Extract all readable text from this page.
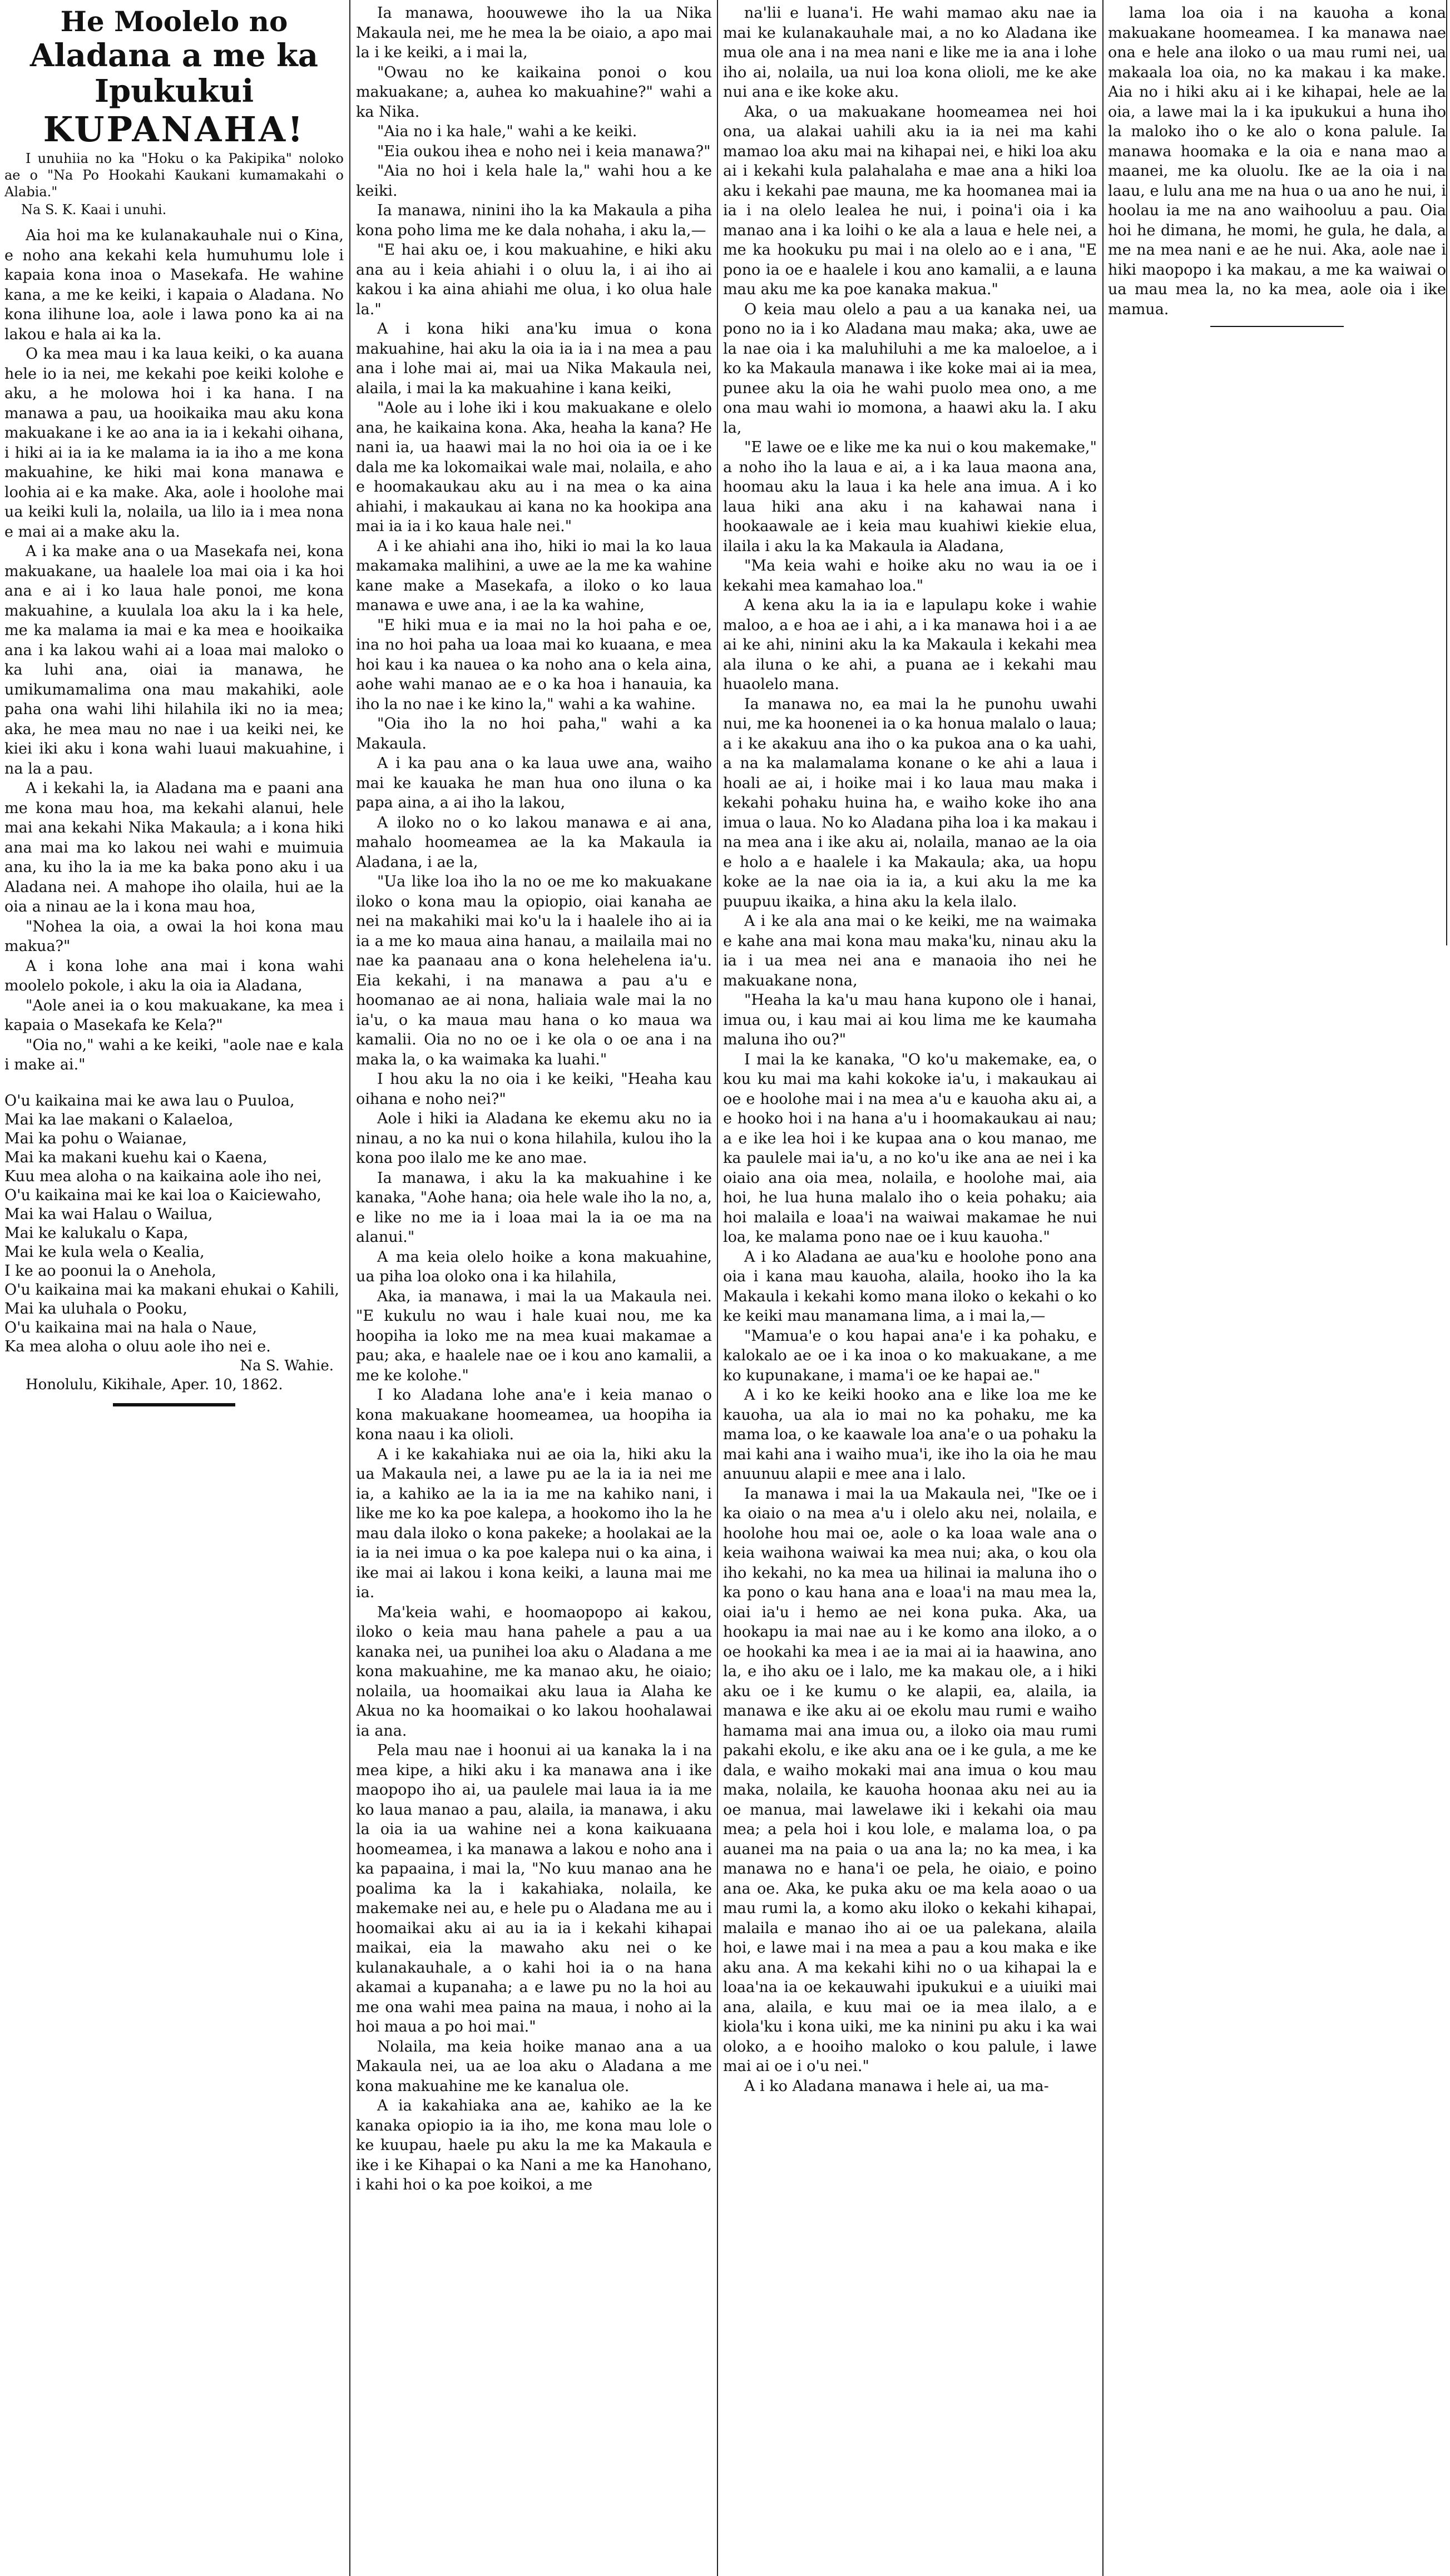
He Moolelo no
Aladana a me ka Ipukukui
KUPANAHA!

I unuhiia no ka "Hoku o ka Pakipika" noloko ae o "Na Po Hookahi Kaukani kumamakahi o Alabia."

Na S. K. Kaai i unuhi.

Aia hoi ma ke kulanakauhale nui o Kina, e noho ana kekahi kela humuhumu lole i kapaia kona inoa o Masekafa. He wahine kana, a me ke keiki, i kapaia o Aladana. No kona ilihune loa, aole i lawa pono ka ai na lakou e hala ai ka la.

O ka mea mau i ka laua keiki, o ka auana hele io ia nei, me kekahi poe keiki kolohe e aku, a he molowa hoi i ka hana. I na manawa a pau, ua hooikaika mau aku kona makuakane i ke ao ana ia ia i kekahi oihana, i hiki ai ia ia ke malama ia ia iho a me kona makuahine, ke hiki mai kona manawa e loohia ai e ka make. Aka, aole i hoolohe mai ua keiki kuli la, nolaila, ua lilo ia i mea nona e mai ai a make aku la.

A i ka make ana o ua Masekafa nei, kona makuakane, ua haalele loa mai oia i ka hoi ana e ai i ko laua hale ponoi, me kona makuahine, a kuulala loa aku la i ka hele, me ka malama ia mai e ka mea e hooikaika ana i ka lakou wahi ai a loaa mai maloko o ka luhi ana, oiai ia manawa, he umikumamalima ona mau makahiki, aole paha ona wahi lihi hilahila iki no ia mea; aka, he mea mau no nae i ua keiki nei, ke kiei iki aku i kona wahi luaui makuahine, i na la a pau.

A i kekahi la, ia Aladana ma e paani ana me kona mau hoa, ma kekahi alanui, hele mai ana kekahi Nika Makaula; a i kona hiki ana mai ma ko lakou nei wahi e muimuia ana, ku iho la ia me ka baka pono aku i ua Aladana nei. A mahope iho olaila, hui ae la oia a ninau ae la i kona mau hoa,

"Nohea la oia, a owai la hoi kona mau makua?"

A i kona lohe ana mai i kona wahi moolelo pokole, i aku la oia ia Aladana,

"Aole anei ia o kou makuakane, ka mea i kapaia o Masekafa ke Kela?"

"Oia no," wahi a ke keiki, "aole nae e kala i make ai."

O'u kaikaina mai ke awa lau o Puuloa,
Mai ka lae makani o Kalaeloa,
Mai ka pohu o Waianae,
Mai ka makani kuehu kai o Kaena,
Kuu mea aloha o na kaikaina aole iho nei,
O'u kaikaina mai ke kai loa o Kaiciewaho,
Mai ka wai Halau o Wailua,
Mai ke kalukalu o Kapa,
Mai ke kula wela o Kealia,
I ke ao poonui la o Anehola,
O'u kaikaina mai ka makani ehukai o Kahili,
Mai ka uluhala o Pooku,
O'u kaikaina mai na hala o Naue,
Ka mea aloha o oluu aole iho nei e.
Na S. Wahie.
Honolulu, Kikihale, Aper. 10, 1862.

Ia manawa, hoouwewe iho la ua Nika Makaula nei, me he mea la be oiaio, a apo mai la i ke keiki, a i mai la,

"Owau no ke kaikaina ponoi o kou makuakane; a, auhea ko makuahine?" wahi a ka Nika.

"Aia no i ka hale," wahi a ke keiki.

"Eia oukou ihea e noho nei i keia manawa?"

"Aia no hoi i kela hale la," wahi hou a ke keiki.

Ia manawa, ninini iho la ka Makaula a piha kona poho lima me ke dala nohaha, i aku la,—

"E hai aku oe, i kou makuahine, e hiki aku ana au i keia ahiahi i o oluu la, i ai iho ai kakou i ka aina ahiahi me olua, i ko olua hale la."

A i kona hiki ana'ku imua o kona makuahine, hai aku la oia ia ia i na mea a pau ana i lohe mai ai, mai ua Nika Makaula nei, alaila, i mai la ka makuahine i kana keiki,

"Aole au i lohe iki i kou makuakane e olelo ana, he kaikaina kona. Aka, heaha la kana? He nani ia, ua haawi mai la no hoi oia ia oe i ke dala me ka lokomaikai wale mai, nolaila, e aho e hoomakaukau aku au i na mea o ka aina ahiahi, i makaukau ai kana no ka hookipa ana mai ia ia i ko kaua hale nei."

A i ke ahiahi ana iho, hiki io mai la ko laua makamaka malihini, a uwe ae la me ka wahine kane make a Masekafa, a iloko o ko laua manawa e uwe ana, i ae la ka wahine,

"E hiki mua e ia mai no la hoi paha e oe, ina no hoi paha ua loaa mai ko kuaana, e mea hoi kau i ka nauea o ka noho ana o kela aina, aohe wahi manao ae e o ka hoa i hanauia, ka iho la no nae i ke kino la," wahi a ka wahine.

"Oia iho la no hoi paha," wahi a ka Makaula.

A i ka pau ana o ka laua uwe ana, waiho mai ke kauaka he man hua ono iluna o ka papa aina, a ai iho la lakou,

A iloko no o ko lakou manawa e ai ana, mahalo hoomeamea ae la ka Makaula ia Aladana, i ae la,

"Ua like loa iho la no oe me ko makuakane iloko o kona mau la opiopio, oiai kanaha ae nei na makahiki mai ko'u la i haalele iho ai ia ia a me ko maua aina hanau, a mailaila mai no nae ka paanaau ana o kona helehelena ia'u. Eia kekahi, i na manawa a pau a'u e hoomanao ae ai nona, haliaia wale mai la no ia'u, o ka maua mau hana o ko maua wa kamalii. Oia no no oe i ke ola o oe ana i na maka la, o ka waimaka ka luahi."

I hou aku la no oia i ke keiki, "Heaha kau oihana e noho nei?"

Aole i hiki ia Aladana ke ekemu aku no ia ninau, a no ka nui o kona hilahila, kulou iho la kona poo ilalo me ke ano mae.

Ia manawa, i aku la ka makuahine i ke kanaka, "Aohe hana; oia hele wale iho la no, a, e like no me ia i loaa mai la ia oe ma na alanui."

A ma keia olelo hoike a kona makuahine, ua piha loa oloko ona i ka hilahila,

Aka, ia manawa, i mai la ua Makaula nei. "E kukulu no wau i hale kuai nou, me ka hoopiha ia loko me na mea kuai makamae a pau; aka, e haalele nae oe i kou ano kamalii, a me ke kolohe."

I ko Aladana lohe ana'e i keia manao o kona makuakane hoomeamea, ua hoopiha ia kona naau i ka olioli.

A i ke kakahiaka nui ae oia la, hiki aku la ua Makaula nei, a lawe pu ae la ia ia nei me ia, a kahiko ae la ia ia me na kahiko nani, i like me ko ka poe kalepa, a hookomo iho la he mau dala iloko o kona pakeke; a hoolakai ae la ia ia nei imua o ka poe kalepa nui o ka aina, i ike mai ai lakou i kona keiki, a launa mai me ia.

Ma'keia wahi, e hoomaopopo ai kakou, iloko o keia mau hana pahele a pau a ua kanaka nei, ua punihei loa aku o Aladana a me kona makuahine, me ka manao aku, he oiaio; nolaila, ua hoomaikai aku laua ia Alaha ke Akua no ka hoomaikai o ko lakou hoohalawai ia ana.

Pela mau nae i hoonui ai ua kanaka la i na mea kipe, a hiki aku i ka manawa ana i ike maopopo iho ai, ua paulele mai laua ia ia me ko laua manao a pau, alaila, ia manawa, i aku la oia ia ua wahine nei a kona kaikuaana hoomeamea, i ka manawa a lakou e noho ana i ka papaaina, i mai la, "No kuu manao ana he poalima ka la i kakahiaka, nolaila, ke makemake nei au, e hele pu o Aladana me au i hoomaikai aku ai au ia ia i kekahi kihapai maikai, eia la mawaho aku nei o ke kulanakauhale, a o kahi hoi ia o na hana akamai a kupanaha; a e lawe pu no la hoi au me ona wahi mea paina na maua, i noho ai la hoi maua a po hoi mai."

Nolaila, ma keia hoike manao ana a ua Makaula nei, ua ae loa aku o Aladana a me kona makuahine me ke kanalua ole.

A ia kakahiaka ana ae, kahiko ae la ke kanaka opiopio ia ia iho, me kona mau lole o ke kuupau, haele pu aku la me ka Makaula e ike i ke Kihapai o ka Nani a me ka Hanohano, i kahi hoi o ka poe koikoi, a me

na'lii e luana'i. He wahi mamao aku nae ia mai ke kulanakauhale mai, a no ko Aladana ike mua ole ana i na mea nani e like me ia ana i lohe iho ai, nolaila, ua nui loa kona olioli, me ke ake nui ana e ike koke aku.

Aka, o ua makuakane hoomeamea nei hoi ona, ua alakai uahili aku ia ia nei ma kahi mamao loa aku mai na kihapai nei, e hiki loa aku ai i kekahi kula palahalaha e mae ana a hiki loa aku i kekahi pae mauna, me ka hoomanea mai ia ia i na olelo lealea he nui, i poina'i oia i ka manao ana i ka loihi o ke ala a laua e hele nei, a me ka hookuku pu mai i na olelo ao e i ana, "E pono ia oe e haalele i kou ano kamalii, a e launa mau aku me ka poe kanaka makua."

O keia mau olelo a pau a ua kanaka nei, ua pono no ia i ko Aladana mau maka; aka, uwe ae la nae oia i ka maluhiluhi a me ka maloeloe, a i ko ka Makaula manawa i ike koke mai ai ia mea, punee aku la oia he wahi puolo mea ono, a me ona mau wahi io momona, a haawi aku la. I aku la,

"E lawe oe e like me ka nui o kou makemake," a noho iho la laua e ai, a i ka laua maona ana, hoomau aku la laua i ka hele ana imua. A i ko laua hiki ana aku i na kahawai nana i hookaawale ae i keia mau kuahiwi kiekie elua, ilaila i aku la ka Makaula ia Aladana,

"Ma keia wahi e hoike aku no wau ia oe i kekahi mea kamahao loa."

A kena aku la ia ia e lapulapu koke i wahie maloo, a e hoa ae i ahi, a i ka manawa hoi i a ae ai ke ahi, ninini aku la ka Makaula i kekahi mea ala iluna o ke ahi, a puana ae i kekahi mau huaolelo mana.

Ia manawa no, ea mai la he punohu uwahi nui, me ka hoonenei ia o ka honua malalo o laua; a i ke akakuu ana iho o ka pukoa ana o ka uahi, a na ka malamalama konane o ke ahi a laua i hoali ae ai, i hoike mai i ko laua mau maka i kekahi pohaku huina ha, e waiho koke iho ana imua o laua. No ko Aladana piha loa i ka makau i na mea ana i ike aku ai, nolaila, manao ae la oia e holo a e haalele i ka Makaula; aka, ua hopu koke ae la nae oia ia ia, a kui aku la me ka puupuu ikaika, a hina aku la kela ilalo.

A i ke ala ana mai o ke keiki, me na waimaka e kahe ana mai kona mau maka'ku, ninau aku la ia i ua mea nei ana e manaoia iho nei he makuakane nona,

"Heaha la ka'u mau hana kupono ole i hanai, imua ou, i kau mai ai kou lima me ke kaumaha maluna iho ou?"

I mai la ke kanaka, "O ko'u makemake, ea, o kou ku mai ma kahi kokoke ia'u, i makaukau ai oe e hoolohe mai i na mea a'u e kauoha aku ai, a e hooko hoi i na hana a'u i hoomakaukau ai nau; a e ike lea hoi i ke kupaa ana o kou manao, me ka paulele mai ia'u, a no ko'u ike ana ae nei i ka oiaio ana oia mea, nolaila, e hoolohe mai, aia hoi, he lua huna malalo iho o keia pohaku; aia hoi malaila e loaa'i na waiwai makamae he nui loa, ke malama pono nae oe i kuu kauoha."

A i ko Aladana ae aua'ku e hoolohe pono ana oia i kana mau kauoha, alaila, hooko iho la ka Makaula i kekahi komo mana iloko o kekahi o ko ke keiki mau manamana lima, a i mai la,—

"Mamua'e o kou hapai ana'e i ka pohaku, e kalokalo ae oe i ka inoa o ko makuakane, a me ko kupunakane, i mama'i oe ke hapai ae."

A i ko ke keiki hooko ana e like loa me ke kauoha, ua ala io mai no ka pohaku, me ka mama loa, o ke kaawale loa ana'e o ua pohaku la mai kahi ana i waiho mua'i, ike iho la oia he mau anuunuu alapii e mee ana i lalo.

Ia manawa i mai la ua Makaula nei, "Ike oe i ka oiaio o na mea a'u i olelo aku nei, nolaila, e hoolohe hou mai oe, aole o ka loaa wale ana o keia waihona waiwai ka mea nui; aka, o kou ola iho kekahi, no ka mea ua hilinai ia maluna iho o ka pono o kau hana ana e loaa'i na mau mea la, oiai ia'u i hemo ae nei kona puka. Aka, ua hookapu ia mai nae au i ke komo ana iloko, a o oe hookahi ka mea i ae ia mai ai ia haawina, ano la, e iho aku oe i lalo, me ka makau ole, a i hiki aku oe i ke kumu o ke alapii, ea, alaila, ia manawa e ike aku ai oe ekolu mau rumi e waiho hamama mai ana imua ou, a iloko oia mau rumi pakahi ekolu, e ike aku ana oe i ke gula, a me ke dala, e waiho mokaki mai ana imua o kou mau maka, nolaila, ke kauoha hoonaa aku nei au ia oe manua, mai lawelawe iki i kekahi oia mau mea; a pela hoi i kou lole, e malama loa, o pa auanei ma na paia o ua ana la; no ka mea, i ka manawa no e hana'i oe pela, he oiaio, e poino ana oe. Aka, ke puka aku oe ma kela aoao o ua mau rumi la, a komo aku iloko o kekahi kihapai, malaila e manao iho ai oe ua palekana, alaila hoi, e lawe mai i na mea a pau a kou maka e ike aku ana. A ma kekahi kihi no o ua kihapai la e loaa'na ia oe kekauwahi ipukukui e a uiuiki mai ana, alaila, e kuu mai oe ia mea ilalo, a e kiola'ku i kona uiki, me ka ninini pu aku i ka wai oloko, a e hooiho maloko o kou palule, i lawe mai ai oe i o'u nei."

A i ko Aladana manawa i hele ai, ua ma-

lama loa oia i na kauoha a kona makuakane hoomeamea. I ka manawa nae ona e hele ana iloko o ua mau rumi nei, ua makaala loa oia, no ka makau i ka make. Aia no i hiki aku ai i ke kihapai, hele ae la oia, a lawe mai la i ka ipukukui a huna iho la maloko iho o ke alo o kona palule. Ia manawa hoomaka e la oia e nana mao a maanei, me ka oluolu. Ike ae la oia i na laau, e lulu ana me na hua o ua ano he nui, i hoolau ia me na ano waihooluu a pau. Oia hoi he dimana, he momi, he gula, he dala, a me na mea nani e ae he nui. Aka, aole nae i hiki maopopo i ka makau, a me ka waiwai o ua mau mea la, no ka mea, aole oia i ike mamua.
